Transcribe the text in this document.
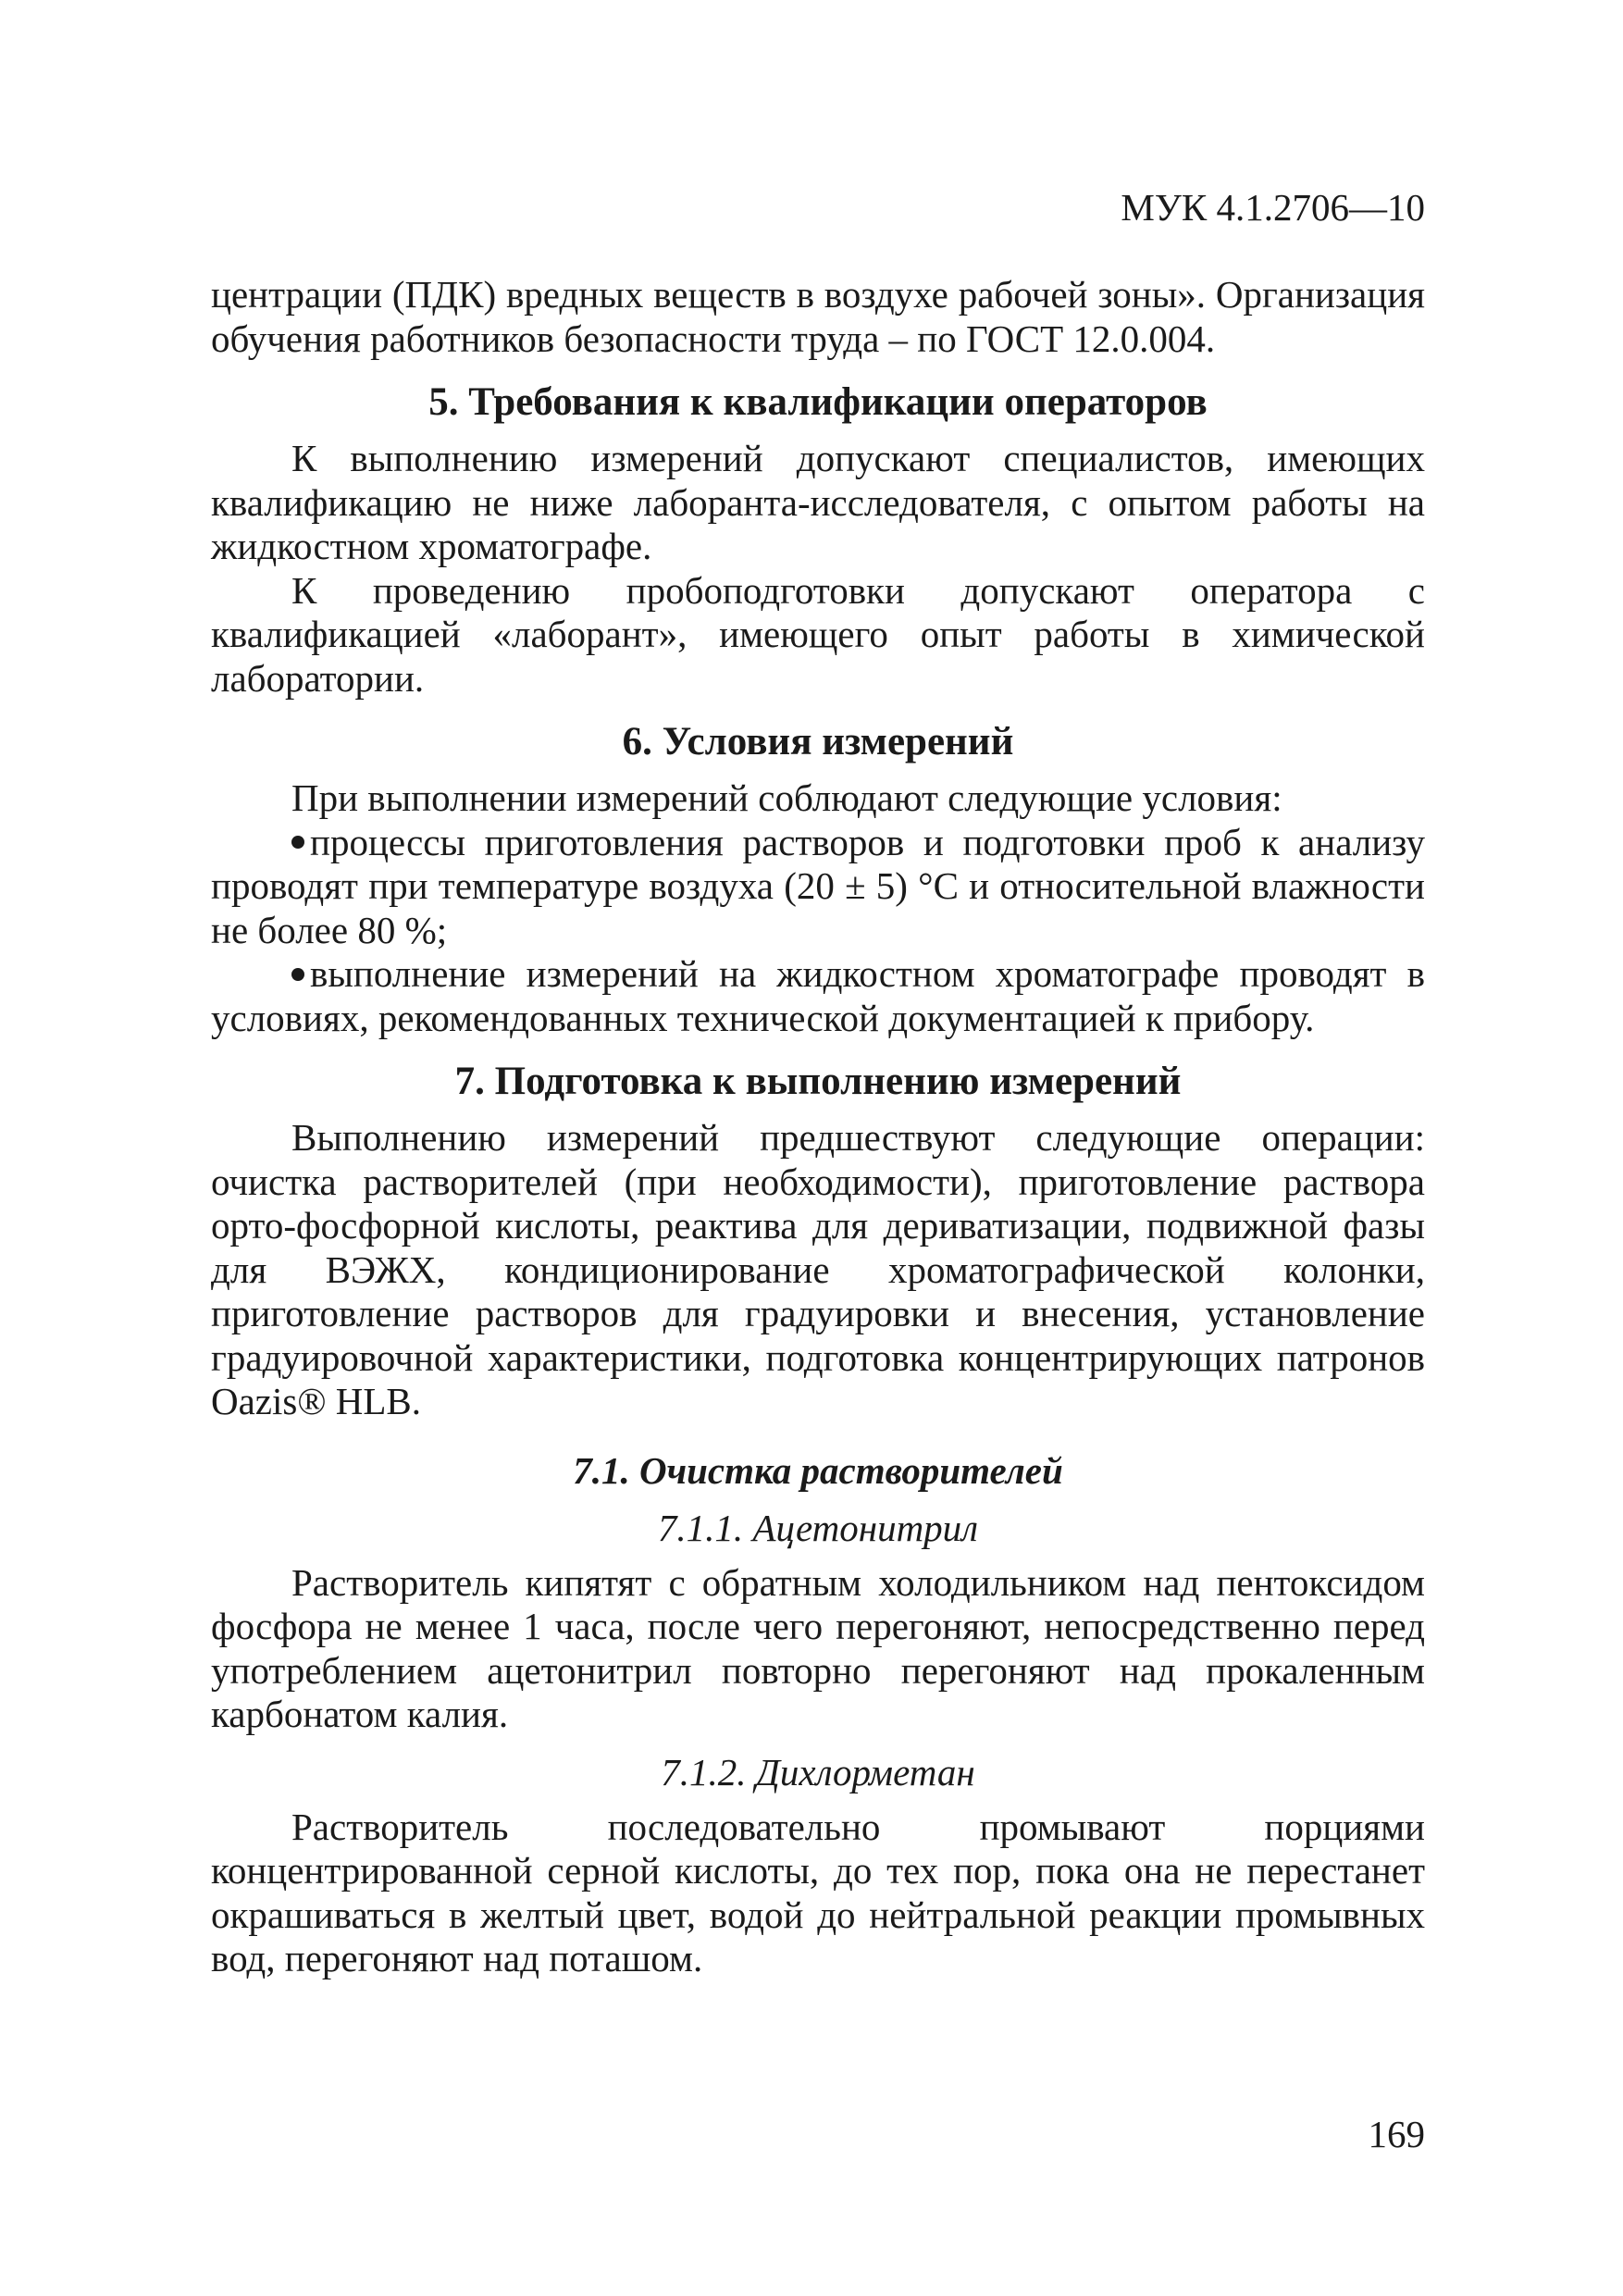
МУК 4.1.2706—10

центрации (ПДК) вредных веществ в воздухе рабочей зоны». Организация обучения работников безопасности труда – по ГОСТ 12.0.004.

5. Требования к квалификации операторов

К выполнению измерений допускают специалистов, имеющих квалификацию не ниже лаборанта-исследователя, с опытом работы на жидкостном хроматографе.

К проведению пробоподготовки допускают оператора с квалификацией «лаборант», имеющего опыт работы в химической лаборатории.

6. Условия измерений

При выполнении измерений соблюдают следующие условия:

процессы приготовления растворов и подготовки проб к анализу проводят при температуре воздуха (20 ± 5) °С и относительной влажности не более 80 %;

выполнение измерений на жидкостном хроматографе проводят в условиях, рекомендованных технической документацией к прибору.

7. Подготовка к выполнению измерений

Выполнению измерений предшествуют следующие операции: очистка растворителей (при необходимости), приготовление раствора орто-фосфорной кислоты, реактива для дериватизации, подвижной фазы для ВЭЖХ, кондиционирование хроматографической колонки, приготовление растворов для градуировки и внесения, установление градуировочной характеристики, подготовка концентрирующих патронов Oazis® HLB.

7.1. Очистка растворителей
7.1.1. Ацетонитрил

Растворитель кипятят с обратным холодильником над пентоксидом фосфора не менее 1 часа, после чего перегоняют, непосредственно перед употреблением ацетонитрил повторно перегоняют над прокаленным карбонатом калия.

7.1.2. Дихлорметан

Растворитель последовательно промывают порциями концентрированной серной кислоты, до тех пор, пока она не перестанет окрашиваться в желтый цвет, водой до нейтральной реакции промывных вод, перегоняют над поташом.

169
